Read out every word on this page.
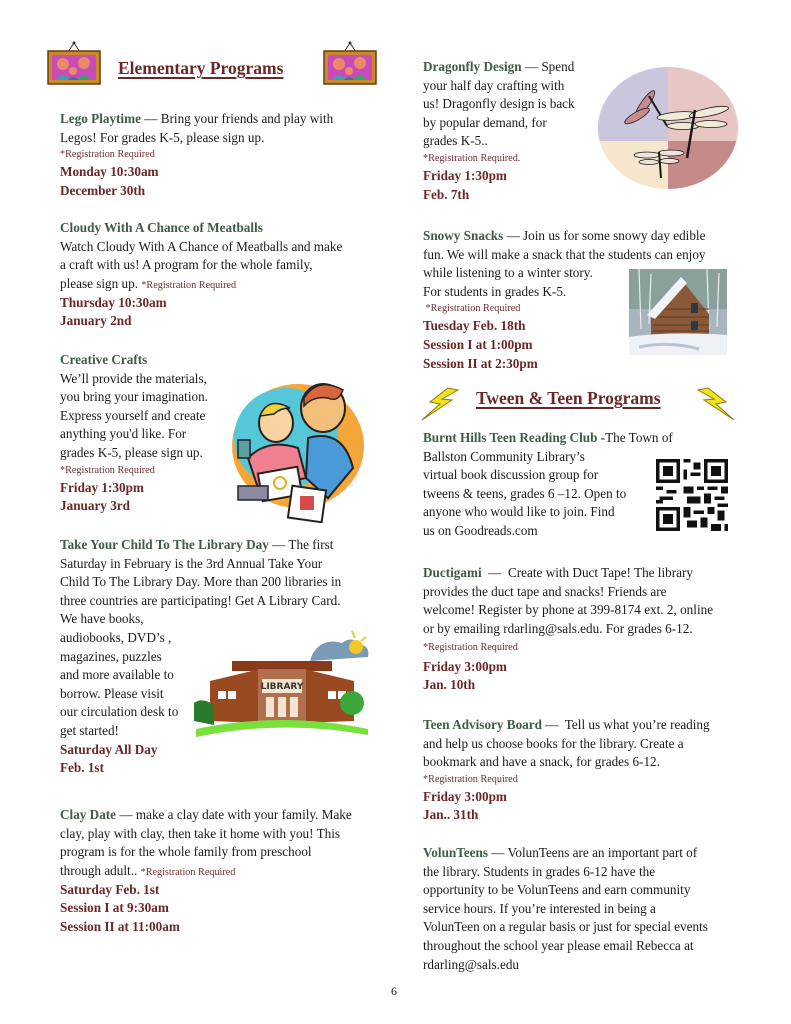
Elementary Programs
Lego Playtime — Bring your friends and play with
Legos! For grades K-5, please sign up.
*Registration Required
Monday 10:30am
December 30th
Cloudy With A Chance of Meatballs
Watch Cloudy With A Chance of Meatballs and make
a craft with us! A program for the whole family,
please sign up. *Registration Required
Thursday 10:30am
January 2nd
Creative Crafts
We’ll provide the materials,
you bring your imagination.
Express yourself and create
anything you'd like. For
grades K-5, please sign up.
*Registration Required
Friday 1:30pm
January 3rd
Take Your Child To The Library Day — The first
Saturday in February is the 3rd Annual Take Your
Child To The Library Day. More than 200 libraries in
three countries are participating! Get A Library Card.
We have books,
audiobooks, DVD’s ,
magazines, puzzles
and more available to
borrow. Please visit
our circulation desk to
get started!
Saturday All Day
Feb. 1st
LIBRARY
Clay Date — make a clay date with your family. Make
clay, play with clay, then take it home with you! This
program is for the whole family from preschool
through adult.. *Registration Required
Saturday Feb. 1st
Session I at 9:30am
Session II at 11:00am
Dragonfly Design — Spend
your half day crafting with
us! Dragonfly design is back
by popular demand, for
grades K-5..
*Registration Required.
Friday 1:30pm
Feb. 7th
Snowy Snacks — Join us for some snowy day edible
fun. We will make a snack that the students can enjoy
while listening to a winter story.
For students in grades K-5.
*Registration Required
Tuesday Feb. 18th
Session I at 1:00pm
Session II at 2:30pm
Tween & Teen Programs
Burnt Hills Teen Reading Club -The Town of
Ballston Community Library’s
virtual book discussion group for
tweens & teens, grades 6 –12. Open to
anyone who would like to join. Find
us on Goodreads.com
Ductigami  —  Create with Duct Tape! The library
provides the duct tape and snacks! Friends are
welcome! Register by phone at 399-8174 ext. 2, online
or by emailing rdarling@sals.edu. For grades 6-12.
*Registration Required
Friday 3:00pm
Jan. 10th
Teen Advisory Board —  Tell us what you’re reading
and help us choose books for the library. Create a
bookmark and have a snack, for grades 6-12.
*Registration Required
Friday 3:00pm
Jan.. 31th
VolunTeens — VolunTeens are an important part of
the library. Students in grades 6-12 have the
opportunity to be VolunTeens and earn community
service hours. If you’re interested in being a
VolunTeen on a regular basis or just for special events
throughout the school year please email Rebecca at
rdarling@sals.edu
6
